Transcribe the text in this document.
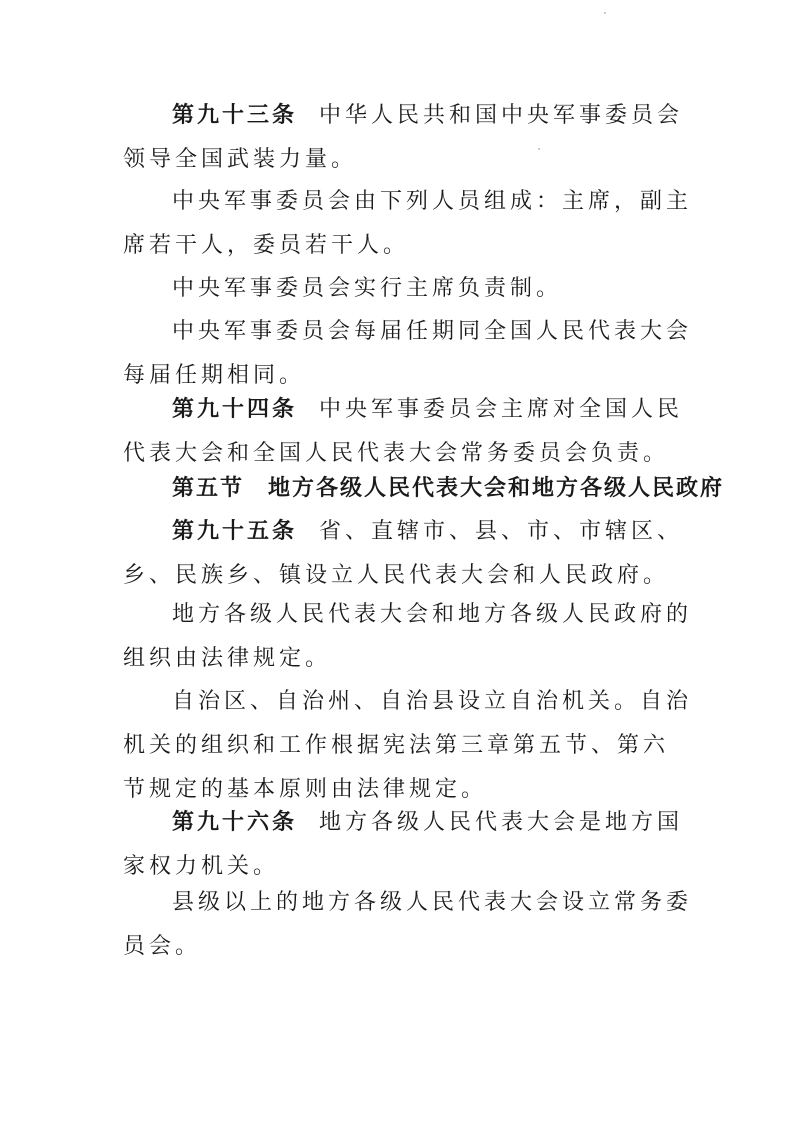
第九十三条 中华人民共和国中央军事委员会领导全国武装力量。

中央军事委员会由下列人员组成：主席，副主席若干人，委员若干人。

中央军事委员会实行主席负责制。

中央军事委员会每届任期同全国人民代表大会每届任期相同。

第九十四条 中央军事委员会主席对全国人民代表大会和全国人民代表大会常务委员会负责。

第五节 地方各级人民代表大会和地方各级人民政府

第九十五条 省、直辖市、县、市、市辖区、乡、民族乡、镇设立人民代表大会和人民政府。

地方各级人民代表大会和地方各级人民政府的组织由法律规定。

自治区、自治州、自治县设立自治机关。自治机关的组织和工作根据宪法第三章第五节、第六节规定的基本原则由法律规定。

第九十六条 地方各级人民代表大会是地方国家权力机关。

县级以上的地方各级人民代表大会设立常务委员会。
